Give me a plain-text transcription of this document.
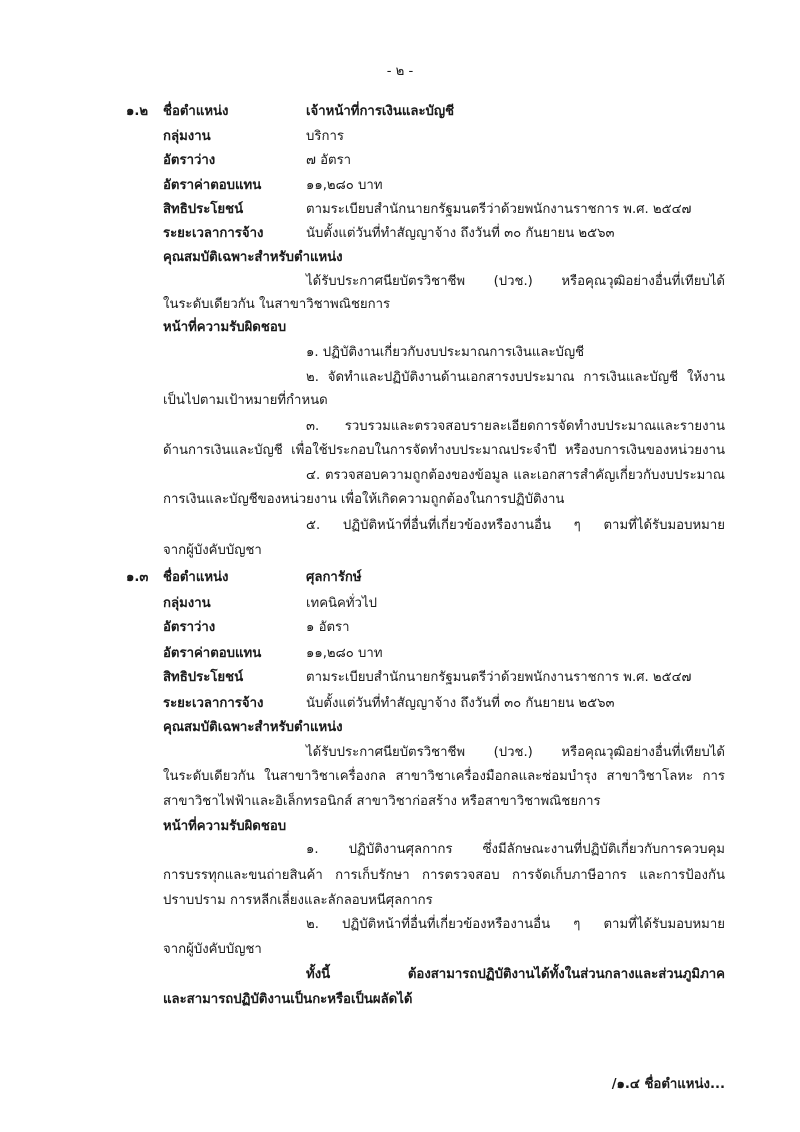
- ๒ -
๑.๒ ชื่อตำแหน่ง	เจ้าหน้าที่การเงินและบัญชี
กลุ่มงาน	บริการ
อัตราว่าง	๗ อัตรา
อัตราค่าตอบแทน	๑๑,๒๘๐ บาท
สิทธิประโยชน์	ตามระเบียบสำนักนายกรัฐมนตรีว่าด้วยพนักงานราชการ พ.ศ. ๒๕๔๗
ระยะเวลาการจ้าง	นับตั้งแต่วันที่ทำสัญญาจ้าง ถึงวันที่ ๓๐ กันยายน ๒๕๖๓
คุณสมบัติเฉพาะสำหรับตำแหน่ง
ได้รับประกาศนียบัตรวิชาชีพ (ปวช.) หรือคุณวุฒิอย่างอื่นที่เทียบได้
ในระดับเดียวกัน ในสาขาวิชาพณิชยการ
หน้าที่ความรับผิดชอบ
๑. ปฏิบัติงานเกี่ยวกับงบประมาณการเงินและบัญชี
๒. จัดทำและปฏิบัติงานด้านเอกสารงบประมาณ การเงินและบัญชี ให้งาน
เป็นไปตามเป้าหมายที่กำหนด
๓. รวบรวมและตรวจสอบรายละเอียดการจัดทำงบประมาณและรายงาน
ด้านการเงินและบัญชี เพื่อใช้ประกอบในการจัดทำงบประมาณประจำปี หรืองบการเงินของหน่วยงาน
๔. ตรวจสอบความถูกต้องของข้อมูล และเอกสารสำคัญเกี่ยวกับงบประมาณ
การเงินและบัญชีของหน่วยงาน เพื่อให้เกิดความถูกต้องในการปฏิบัติงาน
๕. ปฏิบัติหน้าที่อื่นที่เกี่ยวข้องหรืองานอื่น ๆ ตามที่ได้รับมอบหมาย
จากผู้บังคับบัญชา
๑.๓ ชื่อตำแหน่ง	ศุลการักษ์
กลุ่มงาน	เทคนิคทั่วไป
อัตราว่าง	๑ อัตรา
อัตราค่าตอบแทน	๑๑,๒๘๐ บาท
สิทธิประโยชน์	ตามระเบียบสำนักนายกรัฐมนตรีว่าด้วยพนักงานราชการ พ.ศ. ๒๕๔๗
ระยะเวลาการจ้าง	นับตั้งแต่วันที่ทำสัญญาจ้าง ถึงวันที่ ๓๐ กันยายน ๒๕๖๓
คุณสมบัติเฉพาะสำหรับตำแหน่ง
ได้รับประกาศนียบัตรวิชาชีพ (ปวช.) หรือคุณวุฒิอย่างอื่นที่เทียบได้
ในระดับเดียวกัน ในสาขาวิชาเครื่องกล สาขาวิชาเครื่องมือกลและซ่อมบำรุง สาขาวิชาโลหะ การ
สาขาวิชาไฟฟ้าและอิเล็กทรอนิกส์ สาขาวิชาก่อสร้าง หรือสาขาวิชาพณิชยการ
หน้าที่ความรับผิดชอบ
๑. ปฏิบัติงานศุลกากร ซึ่งมีลักษณะงานที่ปฏิบัติเกี่ยวกับการควบคุม
การบรรทุกและขนถ่ายสินค้า การเก็บรักษา การตรวจสอบ การจัดเก็บภาษีอากร และการป้องกัน
ปราบปราม การหลีกเลี่ยงและลักลอบหนีศุลกากร
๒. ปฏิบัติหน้าที่อื่นที่เกี่ยวข้องหรืองานอื่น ๆ ตามที่ได้รับมอบหมาย
จากผู้บังคับบัญชา
ทั้งนี้ ต้องสามารถปฏิบัติงานได้ทั้งในส่วนกลางและส่วนภูมิภาค
และสามารถปฏิบัติงานเป็นกะหรือเป็นผลัดได้
/๑.๔ ชื่อตำแหน่ง...
